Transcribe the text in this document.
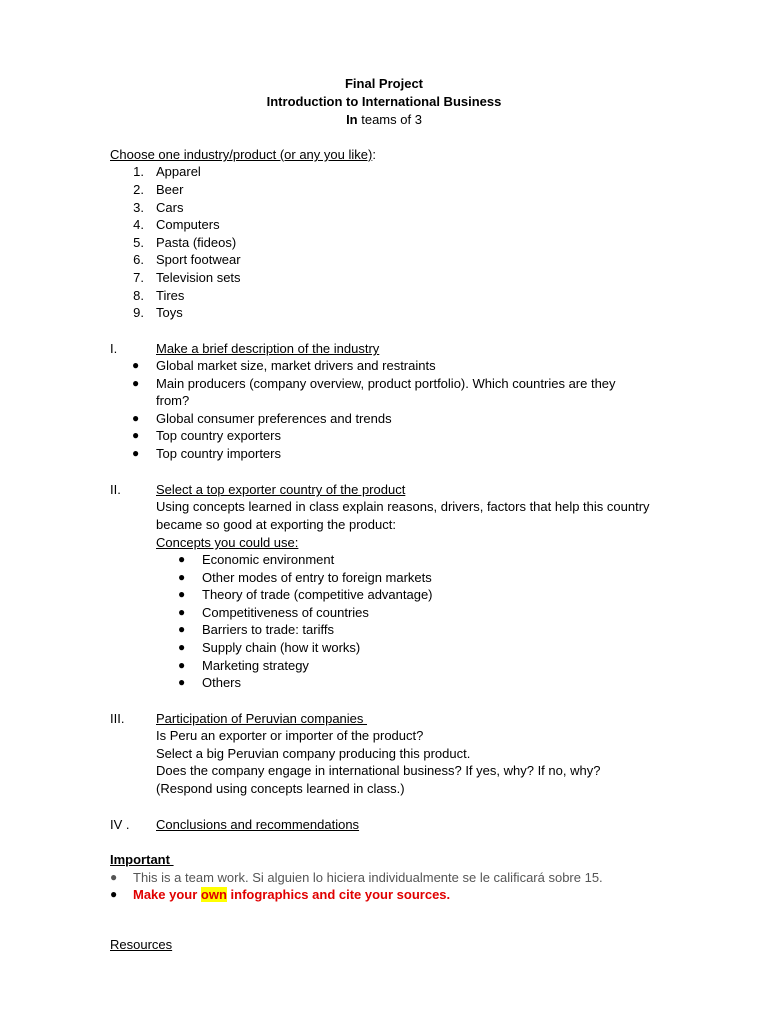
Final Project
Introduction to International Business
In teams of 3
Choose one industry/product (or any you like):
1. Apparel
2. Beer
3. Cars
4. Computers
5. Pasta (fideos)
6. Sport footwear
7. Television sets
8. Tires
9. Toys
I.	Make a brief description of the industry
● Global market size, market drivers and restraints
● Main producers (company overview, product portfolio). Which countries are they
from?
● Global consumer preferences and trends
● Top country exporters
● Top country importers
II.	Select a top exporter country of the product
Using concepts learned in class explain reasons, drivers, factors that help this country
became so good at exporting the product:
Concepts you could use:
● Economic environment
● Other modes of entry to foreign markets
● Theory of trade (competitive advantage)
● Competitiveness of countries
● Barriers to trade: tariffs
● Supply chain (how it works)
● Marketing strategy
● Others
III. Participation of Peruvian companies
Is Peru an exporter or importer of the product?
Select a big Peruvian company producing this product.
Does the company engage in international business? If yes, why? If no, why?
(Respond using concepts learned in class.)
IV . Conclusions and recommendations
Important
● This is a team work. Si alguien lo hiciera individualmente se le calificará sobre 15.
● Make your own infographics and cite your sources.
Resources
